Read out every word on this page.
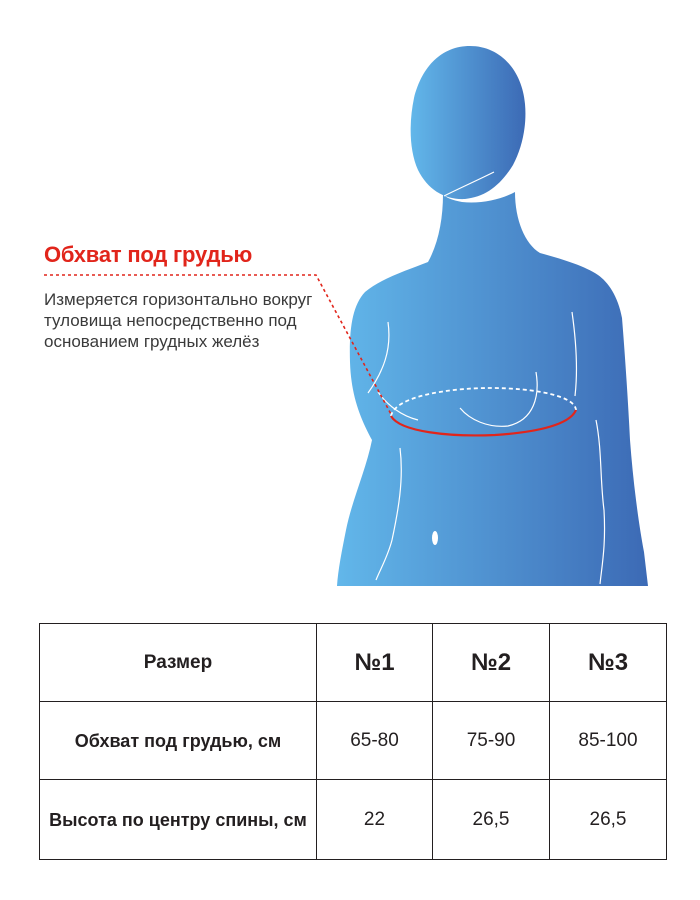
Обхват под грудью

Измеряется горизонтально вокруг туловища непосредственно под основанием грудных желёз

Размер	№1	№2	№3
Обхват под грудью, см	65-80	75-90	85-100
Высота по центру спины, см	22	26,5	26,5
